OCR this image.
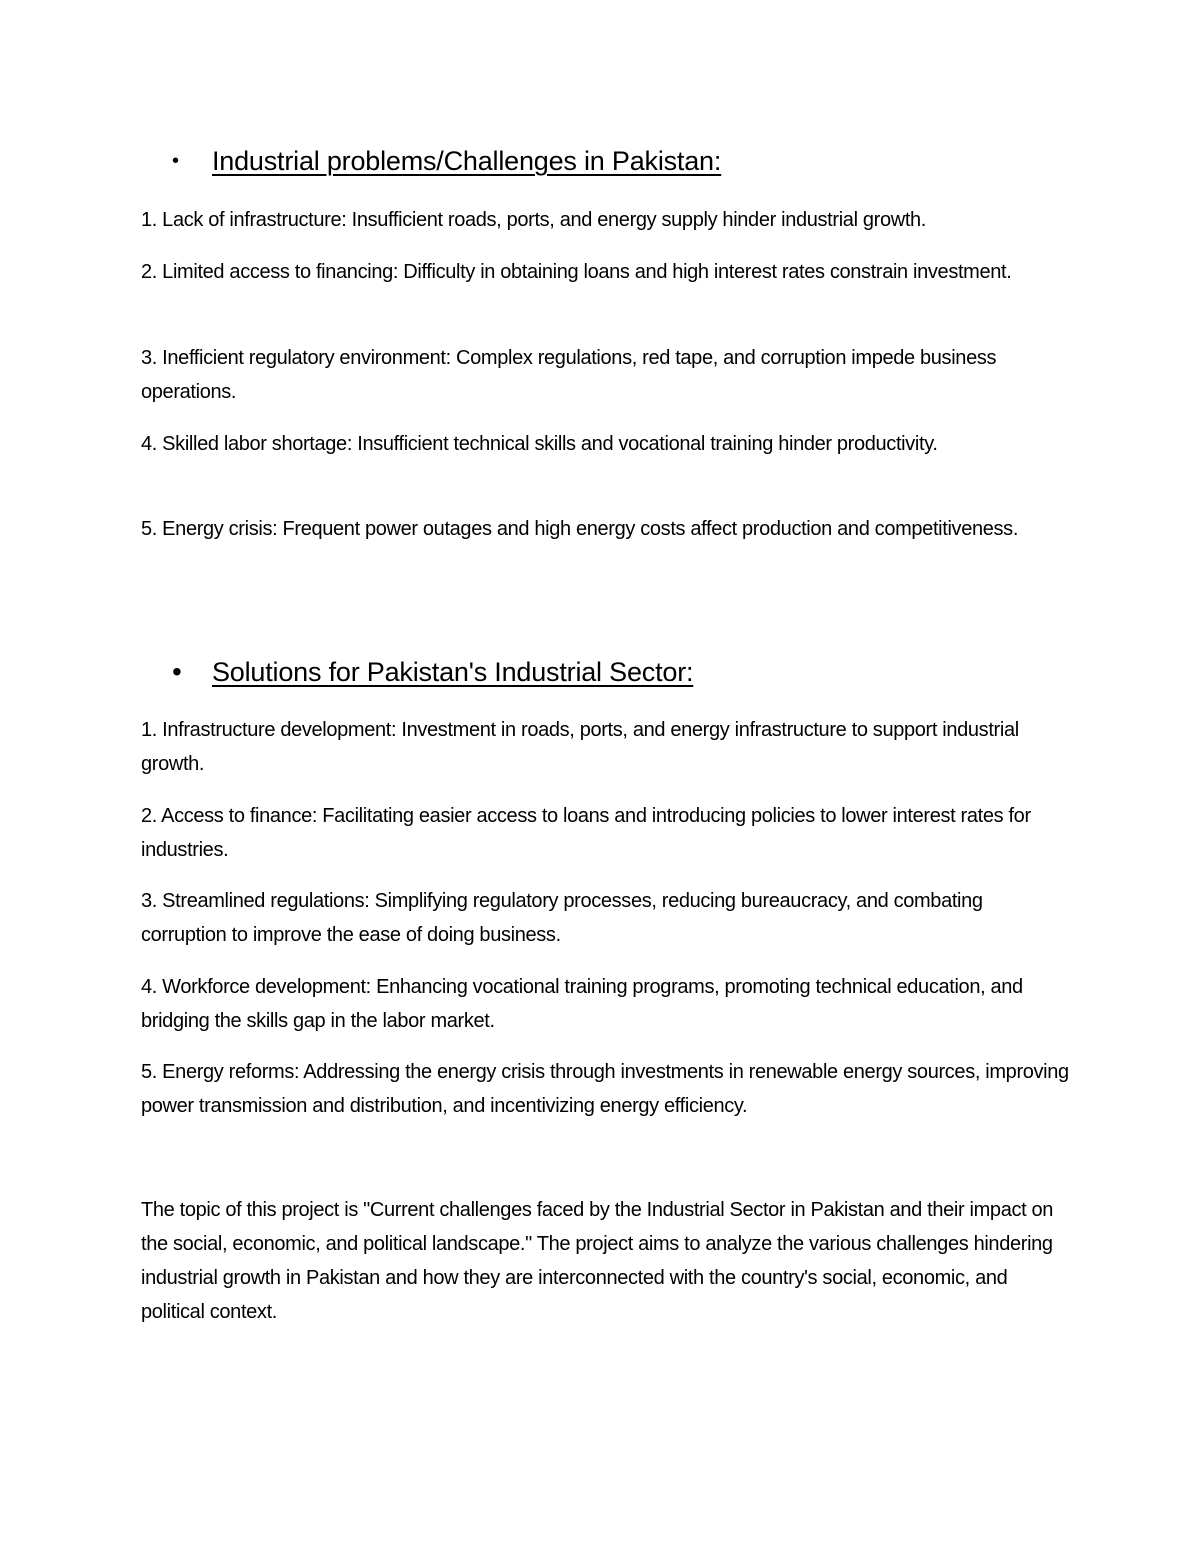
•	Industrial problems/Challenges in Pakistan:

1. Lack of infrastructure: Insufficient roads, ports, and energy supply hinder industrial growth.

2. Limited access to financing: Difficulty in obtaining loans and high interest rates constrain investment.

3. Inefficient regulatory environment: Complex regulations, red tape, and corruption impede business operations.

4. Skilled labor shortage: Insufficient technical skills and vocational training hinder productivity.

5. Energy crisis: Frequent power outages and high energy costs affect production and competitiveness.

•	Solutions for Pakistan's Industrial Sector:

1. Infrastructure development: Investment in roads, ports, and energy infrastructure to support industrial growth.

2. Access to finance: Facilitating easier access to loans and introducing policies to lower interest rates for industries.

3. Streamlined regulations: Simplifying regulatory processes, reducing bureaucracy, and combating corruption to improve the ease of doing business.

4. Workforce development: Enhancing vocational training programs, promoting technical education, and bridging the skills gap in the labor market.

5. Energy reforms: Addressing the energy crisis through investments in renewable energy sources, improving power transmission and distribution, and incentivizing energy efficiency.

The topic of this project is "Current challenges faced by the Industrial Sector in Pakistan and their impact on the social, economic, and political landscape." The project aims to analyze the various challenges hindering industrial growth in Pakistan and how they are interconnected with the country's social, economic, and political context.
